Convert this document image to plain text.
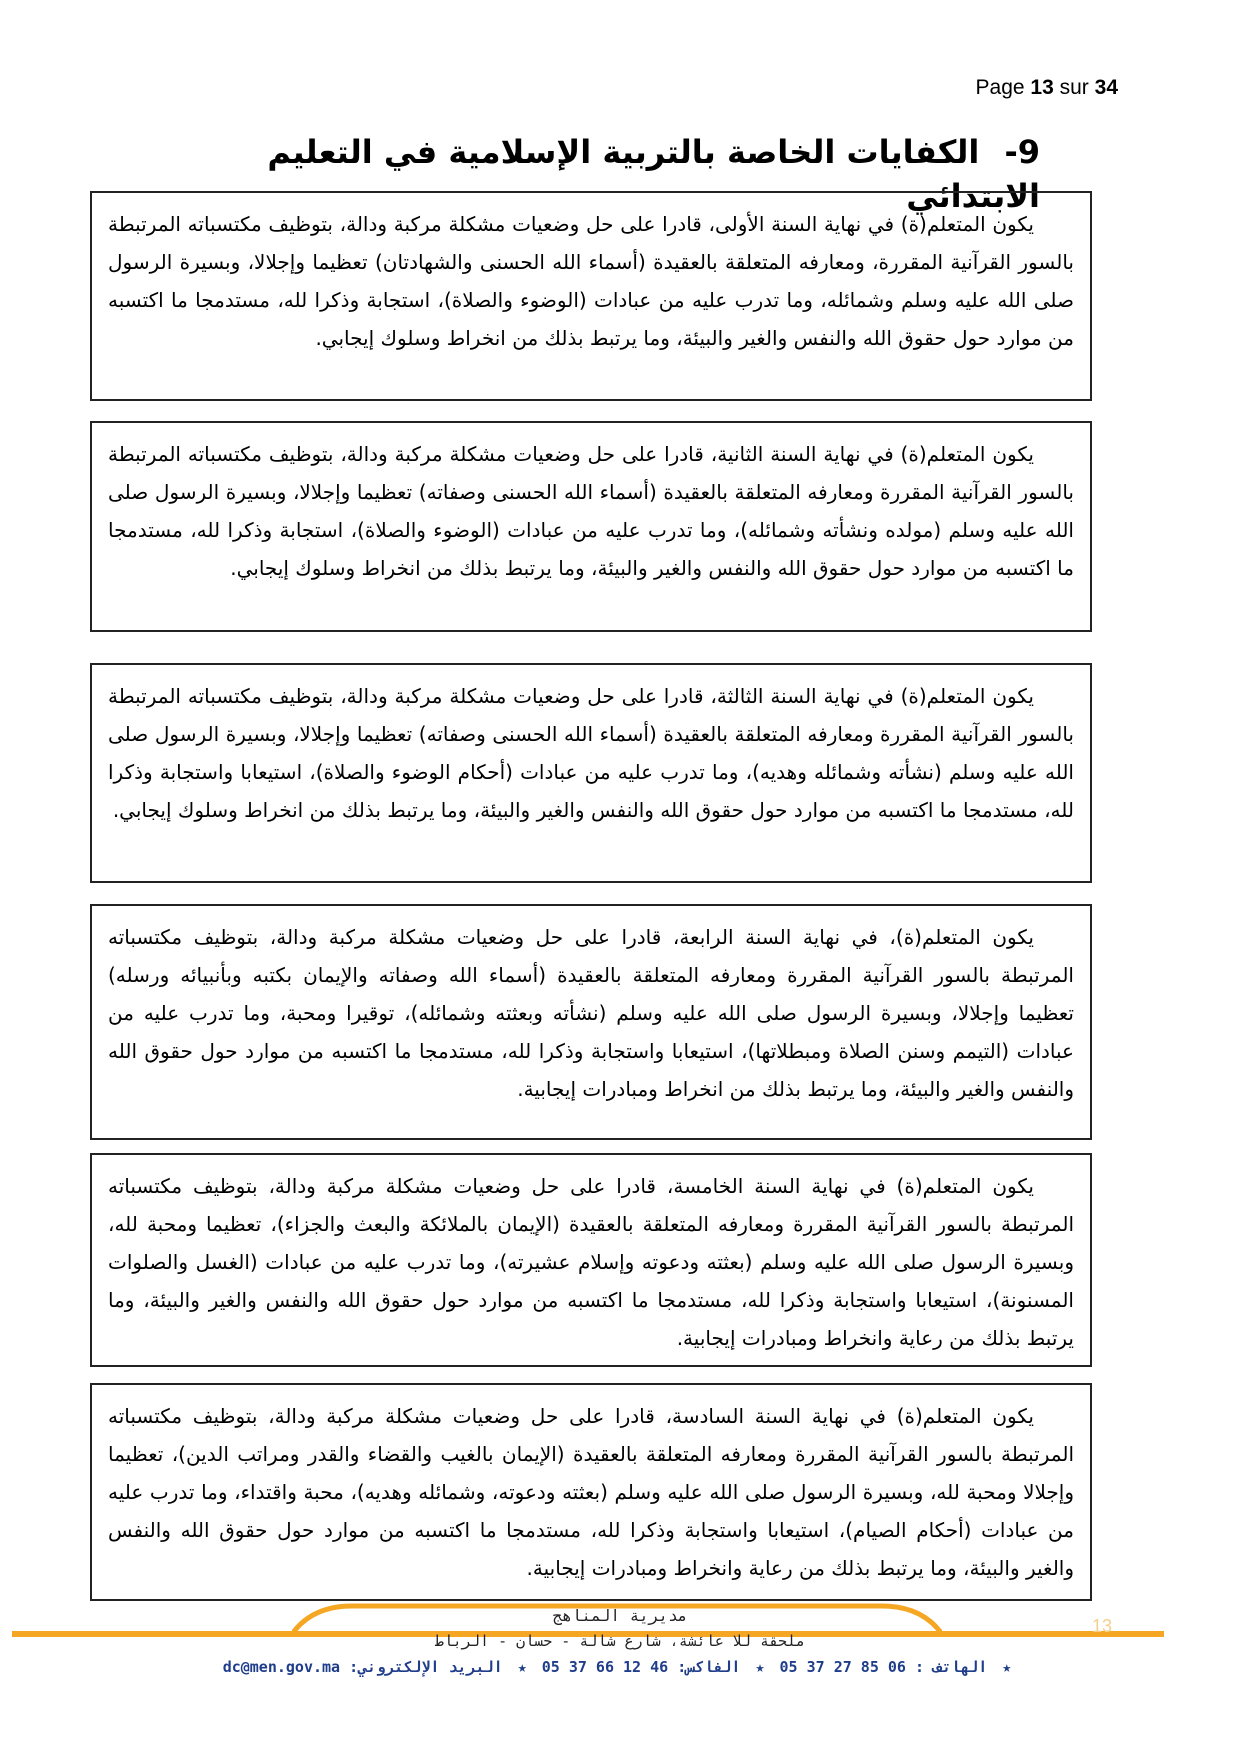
Page 13 sur 34
9- الكفايات الخاصة بالتربية الإسلامية في التعليم الابتدائي

يكون المتعلم(ة) في نهاية السنة الأولى، قادرا على حل وضعيات مشكلة مركبة ودالة، بتوظيف مكتسباته المرتبطة بالسور القرآنية المقررة، ومعارفه المتعلقة بالعقيدة (أسماء الله الحسنى والشهادتان) تعظيما وإجلالا، وبسيرة الرسول صلى الله عليه وسلم وشمائله، وما تدرب عليه من عبادات (الوضوء والصلاة)، استجابة وذكرا لله، مستدمجا ما اكتسبه من موارد حول حقوق الله والنفس والغير والبيئة، وما يرتبط بذلك من انخراط وسلوك إيجابي.

يكون المتعلم(ة) في نهاية السنة الثانية، قادرا على حل وضعيات مشكلة مركبة ودالة، بتوظيف مكتسباته المرتبطة بالسور القرآنية المقررة ومعارفه المتعلقة بالعقيدة (أسماء الله الحسنى وصفاته) تعظيما وإجلالا، وبسيرة الرسول صلى الله عليه وسلم (مولده ونشأته وشمائله)، وما تدرب عليه من عبادات (الوضوء والصلاة)، استجابة وذكرا لله، مستدمجا ما اكتسبه من موارد حول حقوق الله والنفس والغير والبيئة، وما يرتبط بذلك من انخراط وسلوك إيجابي.

يكون المتعلم(ة) في نهاية السنة الثالثة، قادرا على حل وضعيات مشكلة مركبة ودالة، بتوظيف مكتسباته المرتبطة بالسور القرآنية المقررة ومعارفه المتعلقة بالعقيدة (أسماء الله الحسنى وصفاته) تعظيما وإجلالا، وبسيرة الرسول صلى الله عليه وسلم (نشأته وشمائله وهديه)، وما تدرب عليه من عبادات (أحكام الوضوء والصلاة)، استيعابا واستجابة وذكرا لله، مستدمجا ما اكتسبه من موارد حول حقوق الله والنفس والغير والبيئة، وما يرتبط بذلك من انخراط وسلوك إيجابي.

يكون المتعلم(ة)، في نهاية السنة الرابعة، قادرا على حل وضعيات مشكلة مركبة ودالة، بتوظيف مكتسباته المرتبطة بالسور القرآنية المقررة ومعارفه المتعلقة بالعقيدة (أسماء الله وصفاته والإيمان بكتبه وبأنبيائه ورسله) تعظيما وإجلالا، وبسيرة الرسول صلى الله عليه وسلم (نشأته وبعثته وشمائله)، توقيرا ومحبة، وما تدرب عليه من عبادات (التيمم وسنن الصلاة ومبطلاتها)، استيعابا واستجابة وذكرا لله، مستدمجا ما اكتسبه من موارد حول حقوق الله والنفس والغير والبيئة، وما يرتبط بذلك من انخراط ومبادرات إيجابية.

يكون المتعلم(ة) في نهاية السنة الخامسة، قادرا على حل وضعيات مشكلة مركبة ودالة، بتوظيف مكتسباته المرتبطة بالسور القرآنية المقررة ومعارفه المتعلقة بالعقيدة (الإيمان بالملائكة والبعث والجزاء)، تعظيما ومحبة لله، وبسيرة الرسول صلى الله عليه وسلم (بعثته ودعوته وإسلام عشيرته)، وما تدرب عليه من عبادات (الغسل والصلوات المسنونة)، استيعابا واستجابة وذكرا لله، مستدمجا ما اكتسبه من موارد حول حقوق الله والنفس والغير والبيئة، وما يرتبط بذلك من رعاية وانخراط ومبادرات إيجابية.

يكون المتعلم(ة) في نهاية السنة السادسة، قادرا على حل وضعيات مشكلة مركبة ودالة، بتوظيف مكتسباته المرتبطة بالسور القرآنية المقررة ومعارفه المتعلقة بالعقيدة (الإيمان بالغيب والقضاء والقدر ومراتب الدين)، تعظيما وإجلالا ومحبة لله، وبسيرة الرسول صلى الله عليه وسلم (بعثته ودعوته، وشمائله وهديه)، محبة واقتداء، وما تدرب عليه من عبادات (أحكام الصيام)، استيعابا واستجابة وذكرا لله، مستدمجا ما اكتسبه من موارد حول حقوق الله والنفس والغير والبيئة، وما يرتبط بذلك من رعاية وانخراط ومبادرات إيجابية.

13
مديرية المناهج
ملحقة للا عائشة، شارع شالة - حسان - الرباط
★ الهاتف : 05 37 27 85 06 ★ الفاكس: 05 37 66 12 46 ★ البريد الإلكتروني: dc@men.gov.ma
